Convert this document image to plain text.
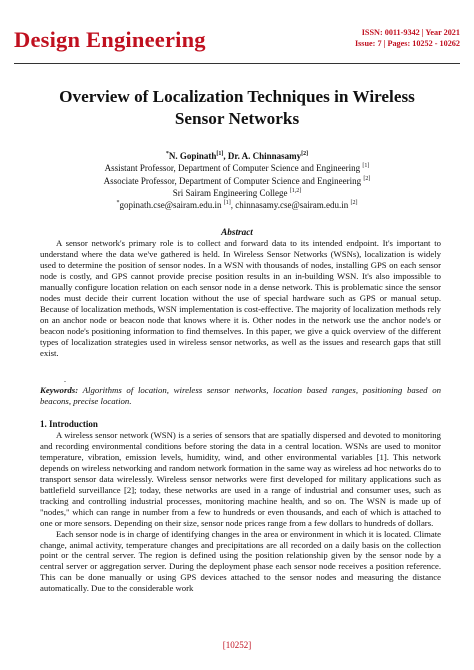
Design Engineering	ISSN: 0011-9342 | Year 2021
Issue: 7 | Pages: 10252 - 10262
Overview of Localization Techniques in Wireless
Sensor Networks
*N. Gopinath[1], Dr. A. Chinnasamy[2]
Assistant Professor, Department of Computer Science and Engineering [1]
Associate Professor, Department of Computer Science and Engineering [2]
Sri Sairam Engineering College [1,2]
*gopinath.cse@sairam.edu.in [1], chinnasamy.cse@sairam.edu.in [2]
Abstract

A sensor network's primary role is to collect and forward data to its intended endpoint. It's important to understand where the data we've gathered is held. In Wireless Sensor Networks (WSNs), localization is widely used to determine the position of sensor nodes. In a WSN with thousands of nodes, installing GPS on each sensor node is costly, and GPS cannot provide precise position results in an in-building WSN. It's also impossible to manually configure location relation on each sensor node in a dense network. This is problematic since the sensor nodes must decide their current location without the use of special hardware such as GPS or manual setup. Because of localization methods, WSN implementation is cost-effective. The majority of localization methods rely on an anchor node or beacon node that knows where it is. Other nodes in the network use the anchor node's or beacon node's positioning information to find themselves. In this paper, we give a quick overview of the different types of localization strategies used in wireless sensor networks, as well as the issues and research gaps that still exist.

.
Keywords: Algorithms of location, wireless sensor networks, location based ranges, positioning based on beacons, precise location.
1. Introduction

A wireless sensor network (WSN) is a series of sensors that are spatially dispersed and devoted to monitoring and recording environmental conditions before storing the data in a central location. WSNs are used to monitor temperature, vibration, emission levels, humidity, wind, and other environmental variables [1]. This network depends on wireless networking and random network formation in the same way as wireless ad hoc networks do to transport sensor data wirelessly. Wireless sensor networks were first developed for military applications such as battlefield surveillance [2]; today, these networks are used in a range of industrial and consumer uses, such as tracking and controlling industrial processes, monitoring machine health, and so on. The WSN is made up of "nodes," which can range in number from a few to hundreds or even thousands, and each of which is attached to one or more sensors. Depending on their size, sensor node prices range from a few dollars to hundreds of dollars.

Each sensor node is in charge of identifying changes in the area or environment in which it is located. Climate change, animal activity, temperature changes and precipitations are all recorded on a daily basis on the collection point or the central server. The region is defined using the position relationship given by the sensor node by a central server or aggregation server. During the deployment phase each sensor node receives a position reference. This can be done manually or using GPS devices attached to the sensor nodes and measuring the distance automatically. Due to the considerable work

[10252]
